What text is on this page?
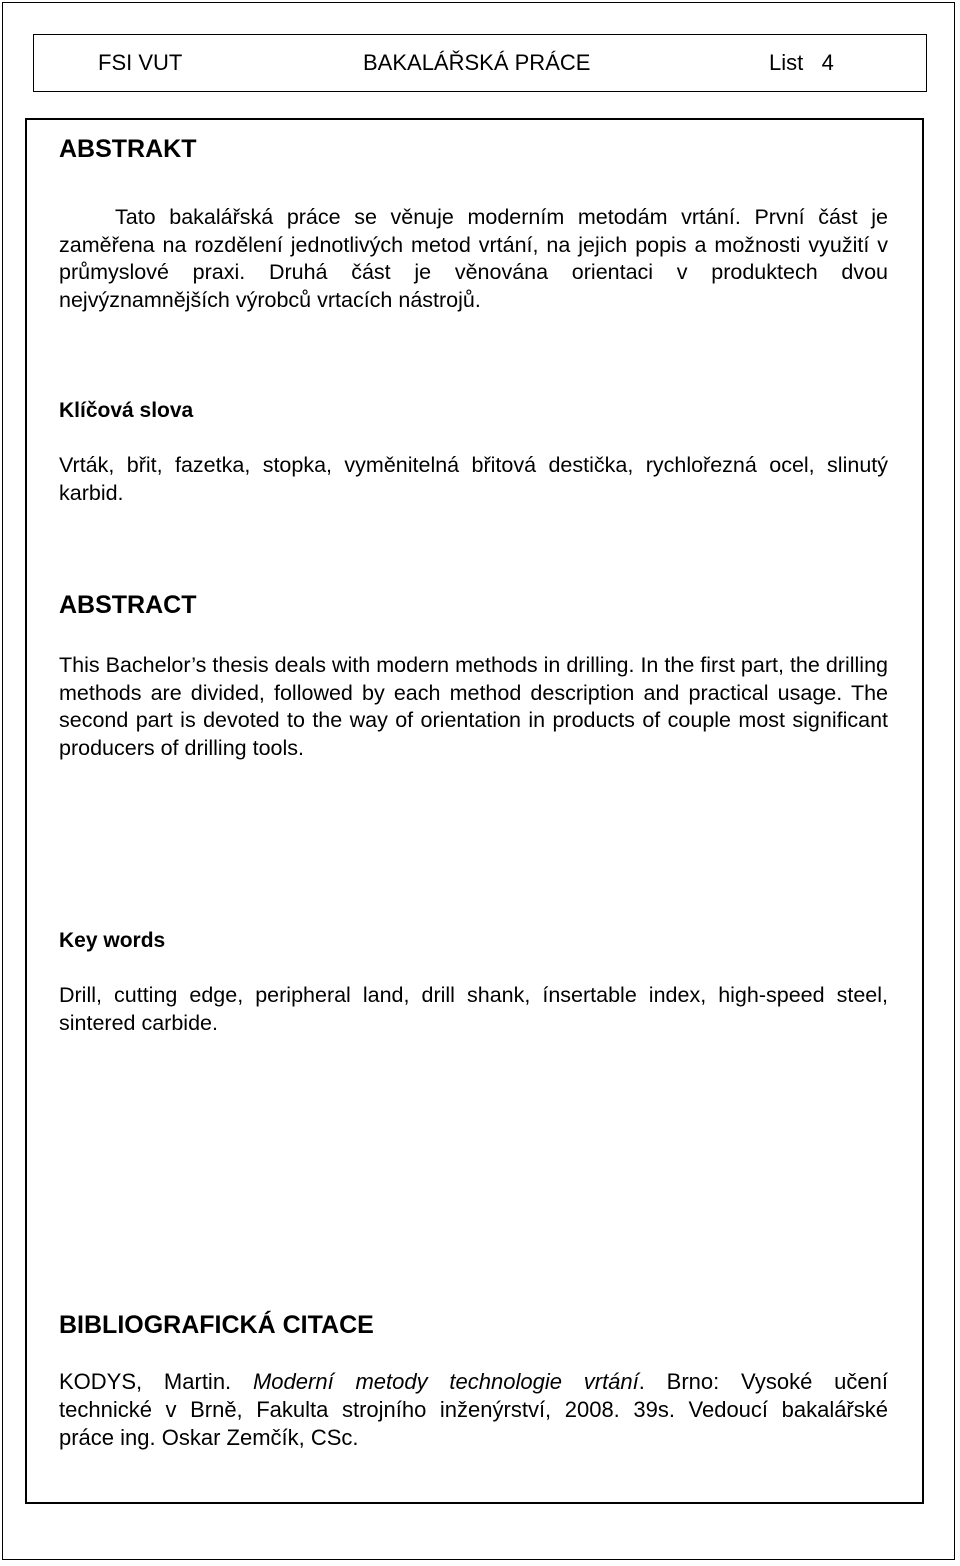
FSI VUT	BAKALÁŘSKÁ PRÁCE	List   4
ABSTRAKT
Tato bakalářská práce se věnuje moderním metodám vrtání. První část je zaměřena na rozdělení jednotlivých metod vrtání, na jejich popis a možnosti využití v průmyslové praxi. Druhá část je věnována orientaci v produktech dvou nejvýznamnějších výrobců vrtacích nástrojů.
Klíčová slova
Vrták, břit, fazetka, stopka, vyměnitelná břitová destička, rychlořezná ocel, slinutý karbid.
ABSTRACT
This Bachelor’s thesis deals with modern methods in drilling. In the first part, the drilling methods are divided, followed by each method description and practical usage. The second part is devoted to the way of orientation in products of couple most significant producers of drilling tools.
Key words
Drill, cutting edge, peripheral land, drill shank, ínsertable index, high-speed steel, sintered carbide.
BIBLIOGRAFICKÁ CITACE
KODYS, Martin. Moderní metody technologie vrtání. Brno: Vysoké učení
technické v Brně, Fakulta strojního inženýrství, 2008. 39s. Vedoucí bakalářské
práce ing. Oskar Zemčík, CSc.
